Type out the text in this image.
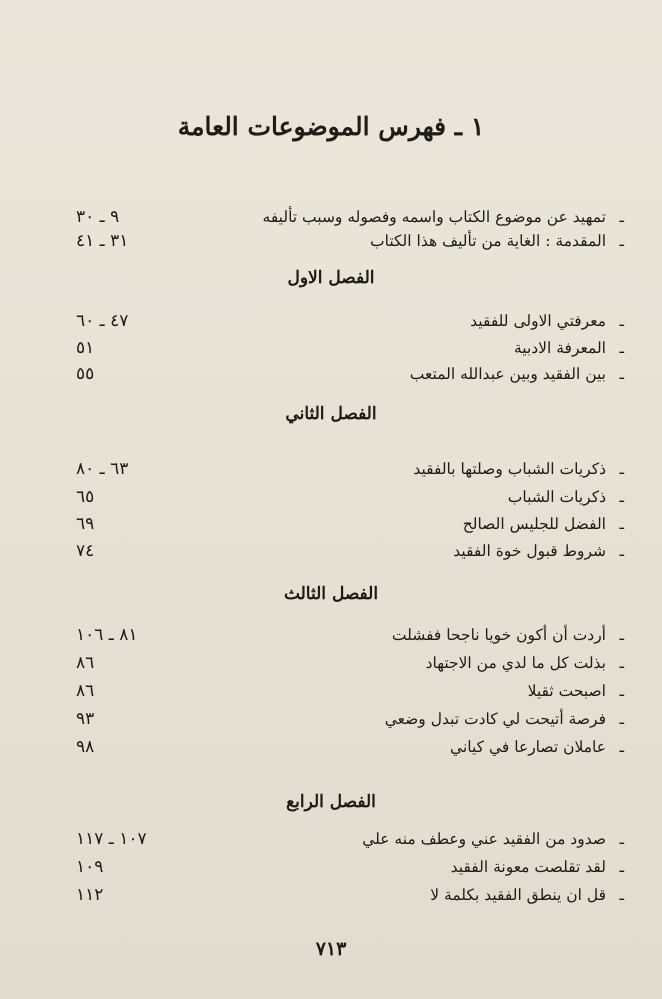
١ ـ فهرس الموضوعات العامة
ـ
تمهيد عن موضوع الكتاب واسمه وفصوله وسبب تأليفه
٩ ـ ٣٠
ـ
المقدمة : الغاية من تأليف هذا الكتاب
٣١ ـ ٤١
الفصل الاول
ـ
معرفتي الاولى للفقيد
٤٧ ـ ٦٠
ـ
المعرفة الادبية
٥١
ـ
بين الفقيد وبين عبدالله المتعب
٥٥
الفصل الثاني
ـ
ذكريات الشباب وصلتها بالفقيد
٦٣ ـ ٨٠
ـ
ذكريات الشباب
٦٥
ـ
الفضل للجليس الصالح
٦٩
ـ
شروط قبول خوة الفقيد
٧٤
الفصل الثالث
ـ
أردت أن أكون خويا ناجحا ففشلت
٨١ ـ ١٠٦
ـ
بذلت كل ما لدي من الاجتهاد
٨٦
ـ
اصبحت ثقيلا
٨٦
ـ
فرصة أتيحت لي كادت تبدل وضعي
٩٣
ـ
عاملان تصارعا في كياني
٩٨
الفصل الرابع
ـ
صدود من الفقيد عني وعطف منه علي
١٠٧ ـ ١١٧
ـ
لقد تقلصت معونة الفقيد
١٠٩
ـ
قل ان ينطق الفقيد بكلمة لا
١١٢
٧١٣
